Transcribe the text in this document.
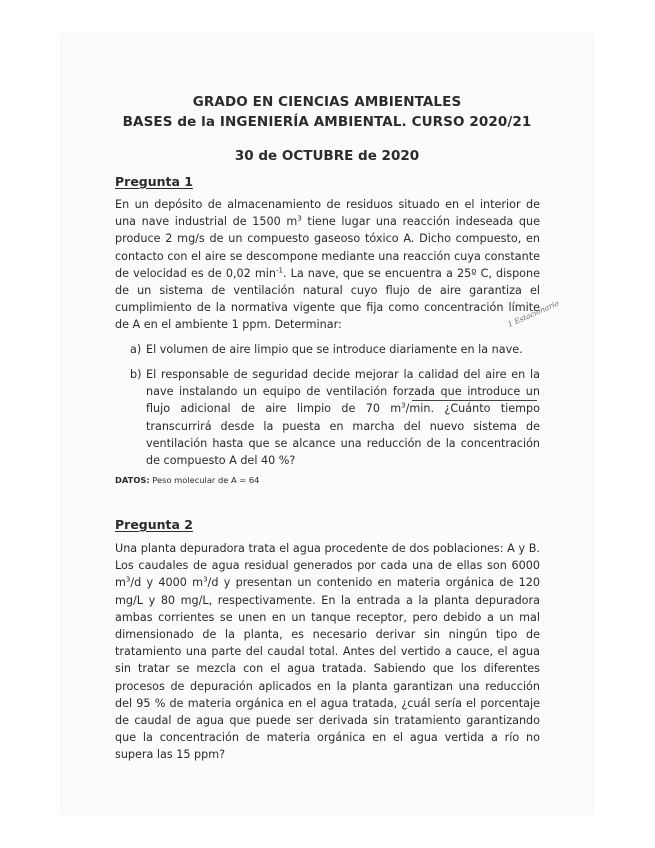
GRADO EN CIENCIAS AMBIENTALES
BASES de la INGENIERÍA AMBIENTAL. CURSO 2020/21
30 de OCTUBRE de 2020
Pregunta 1
En un depósito de almacenamiento de residuos situado en el interior de una nave industrial de 1500 $m^3$ tiene lugar una reacción indeseada que produce 2 mg/s de un compuesto gaseoso tóxico A. Dicho compuesto, en contacto con el aire se descompone mediante una reacción cuya constante de velocidad es de 0,02 $\min^{-1}$. La nave, que se encuentra a 25º C, dispone de un sistema de ventilación natural cuyo flujo de aire garantiza el cumplimiento de la normativa vigente que fija como concentración límite de A en el ambiente 1 ppm. Determinar:
a) El volumen de aire limpio que se introduce diariamente en la nave.
1 Estacionario
b) El responsable de seguridad decide mejorar la calidad del aire en la nave instalando un equipo de ventilación forzada que introduce un flujo adicional de aire limpio de 70 $m^3/\min$. ¿Cuánto tiempo transcurrirá desde la puesta en marcha del nuevo sistema de ventilación hasta que se alcance una reducción de la concentración de compuesto A del 40 %?
DATOS: Peso molecular de A = 64
Pregunta 2
Una planta depuradora trata el agua procedente de dos poblaciones: A y B. Los caudales de agua residual generados por cada una de ellas son 6000 $m^3/d$ y 4000 $m^3/d$ y presentan un contenido en materia orgánica de 120 mg/L y 80 mg/L, respectivamente. En la entrada a la planta depuradora ambas corrientes se unen en un tanque receptor, pero debido a un mal dimensionado de la planta, es necesario derivar sin ningún tipo de tratamiento una parte del caudal total. Antes del vertido a cauce, el agua sin tratar se mezcla con el agua tratada. Sabiendo que los diferentes procesos de depuración aplicados en la planta garantizan una reducción del 95 % de materia orgánica en el agua tratada, ¿cuál sería el porcentaje de caudal de agua que puede ser derivada sin tratamiento garantizando que la concentración de materia orgánica en el agua vertida a río no supera las 15 ppm?
